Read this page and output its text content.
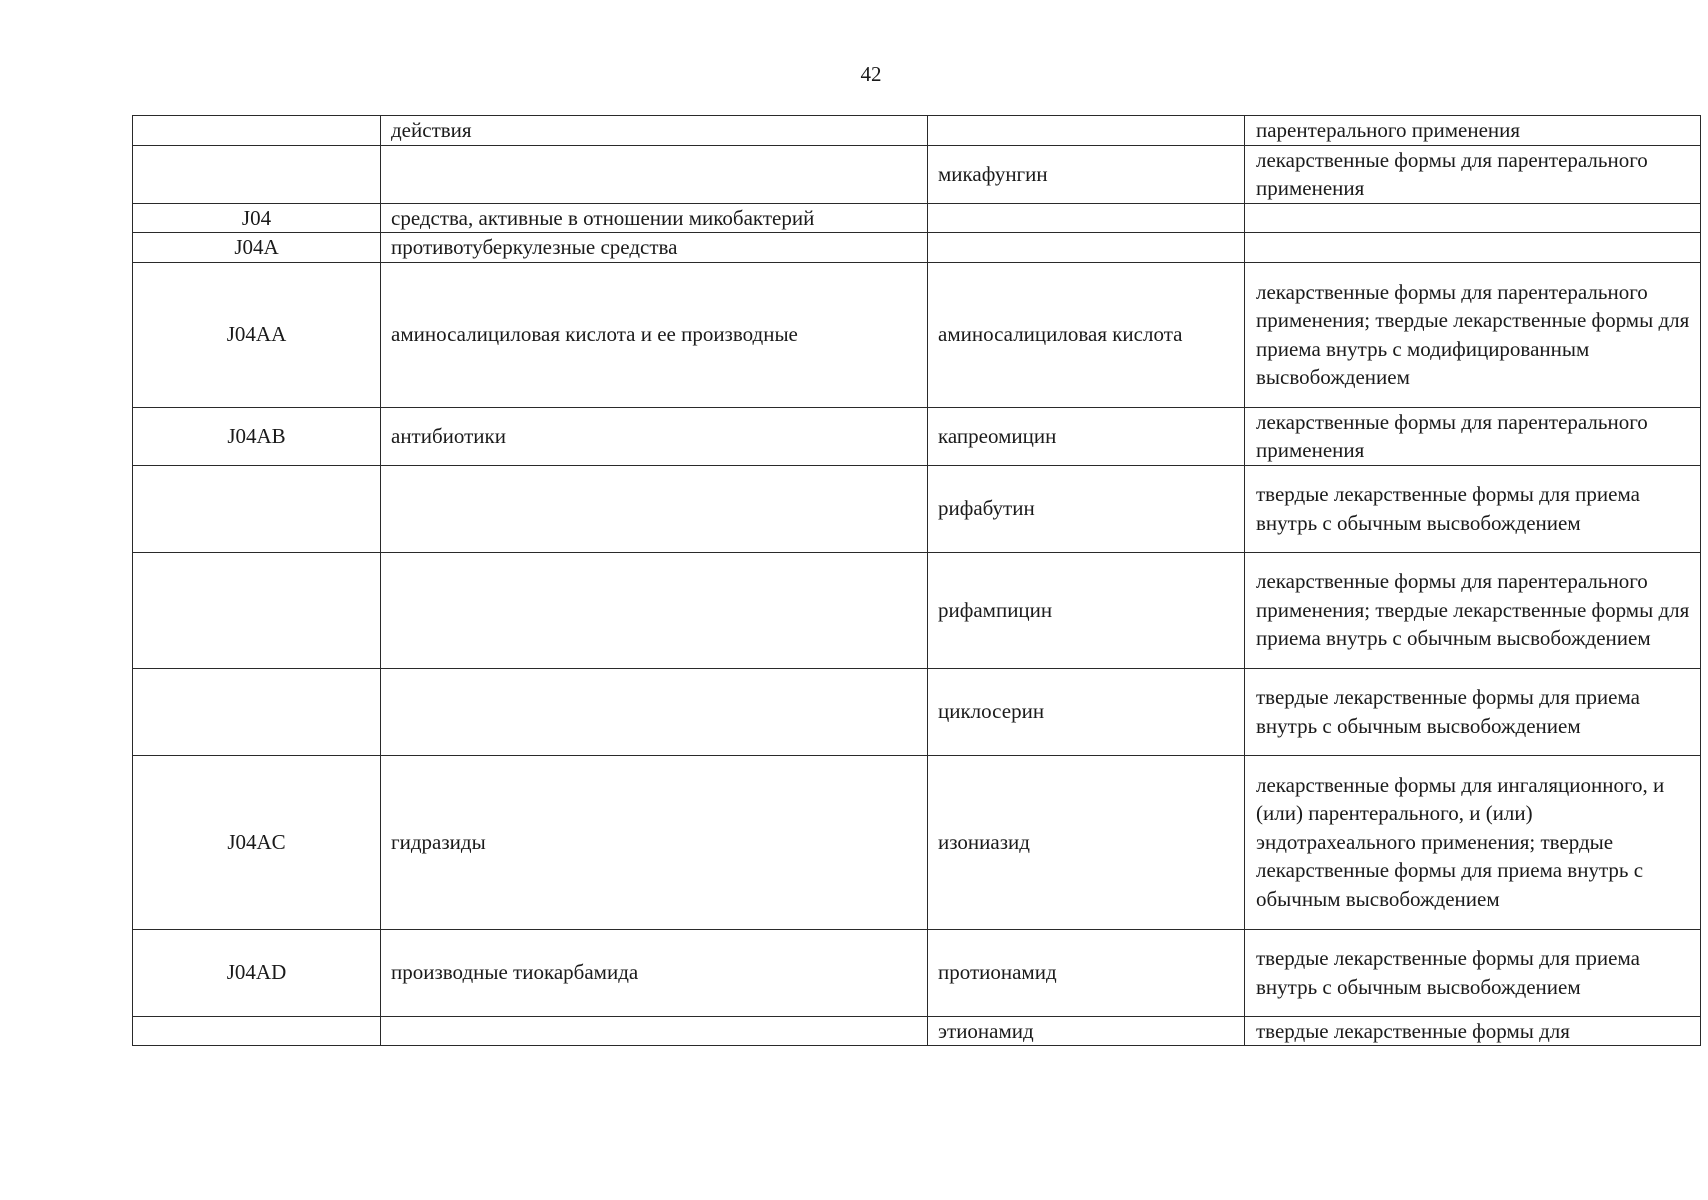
42
	действия		парентерального применения
		микафунгин	лекарственные формы для парентерального применения
J04	средства, активные в отношении микобактерий		
J04A	противотуберкулезные средства		
J04AA	аминосалициловая кислота и ее производные	аминосалициловая кислота	лекарственные формы для парентерального применения; твердые лекарственные формы для приема внутрь с модифицированным высвобождением
J04AB	антибиотики	капреомицин	лекарственные формы для парентерального применения
		рифабутин	твердые лекарственные формы для приема внутрь с обычным высвобождением
		рифампицин	лекарственные формы для парентерального применения; твердые лекарственные формы для приема внутрь с обычным высвобождением
		циклосерин	твердые лекарственные формы для приема внутрь с обычным высвобождением
J04AC	гидразиды	изониазид	лекарственные формы для ингаляционного, и (или) парентерального, и (или) эндотрахеального применения; твердые лекарственные формы для приема внутрь с обычным высвобождением
J04AD	производные тиокарбамида	протионамид	твердые лекарственные формы для приема внутрь с обычным высвобождением
		этионамид	твердые лекарственные формы для
